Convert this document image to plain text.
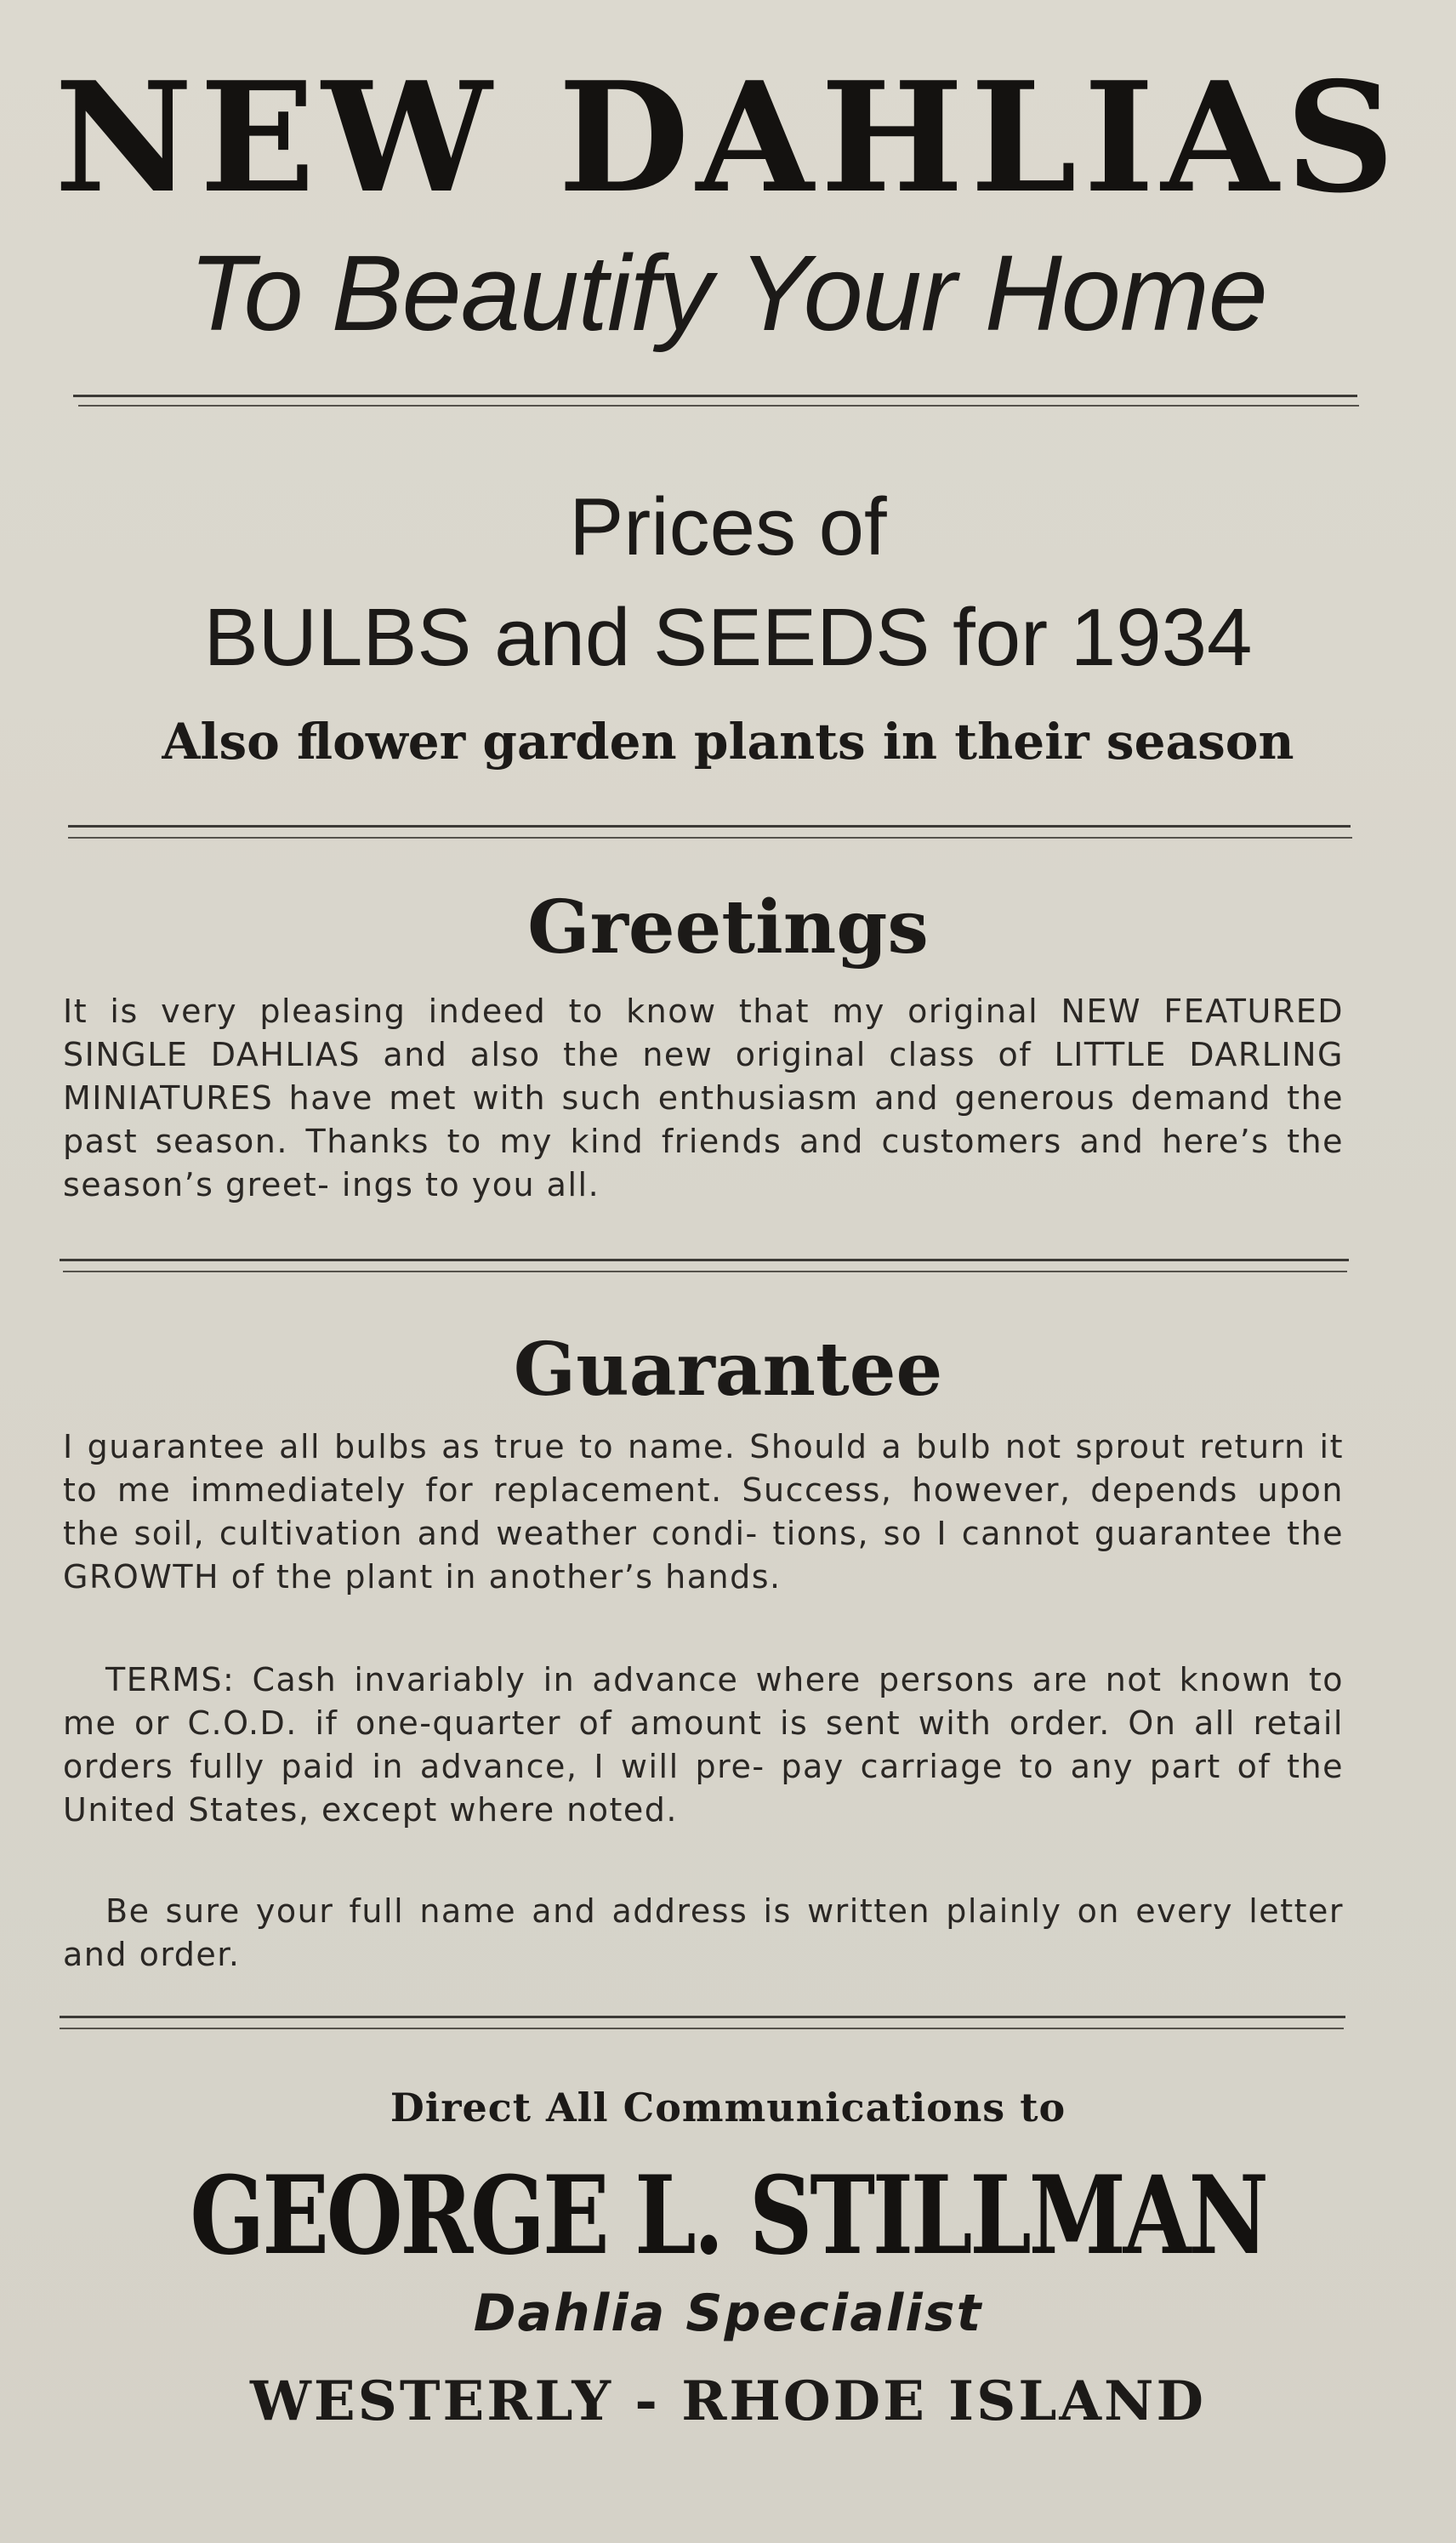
NEW DAHLIAS
To Beautify Your Home
Prices of
BULBS and SEEDS for 1934
Also flower garden plants in their season
Greetings

It is very pleasing indeed to know that my original NEW FEATURED SINGLE DAHLIAS and also the new original class of LITTLE DARLING MINIATURES have met with such enthusiasm and generous demand the past season. Thanks to my kind friends and customers and here’s the season’s greet- ings to you all.

Guarantee

I guarantee all bulbs as true to name. Should a bulb not sprout return it to me immediately for replacement. Success, however, depends upon the soil, cultivation and weather condi- tions, so I cannot guarantee the GROWTH of the plant in another’s hands.

TERMS: Cash invariably in advance where persons are not known to me or C.O.D. if one-quarter of amount is sent with order. On all retail orders fully paid in advance, I will pre- pay carriage to any part of the United States, except where noted.

Be sure your full name and address is written plainly on every letter and order.

Direct All Communications to
GEORGE L. STILLMAN
Dahlia Specialist
WESTERLY - RHODE ISLAND
